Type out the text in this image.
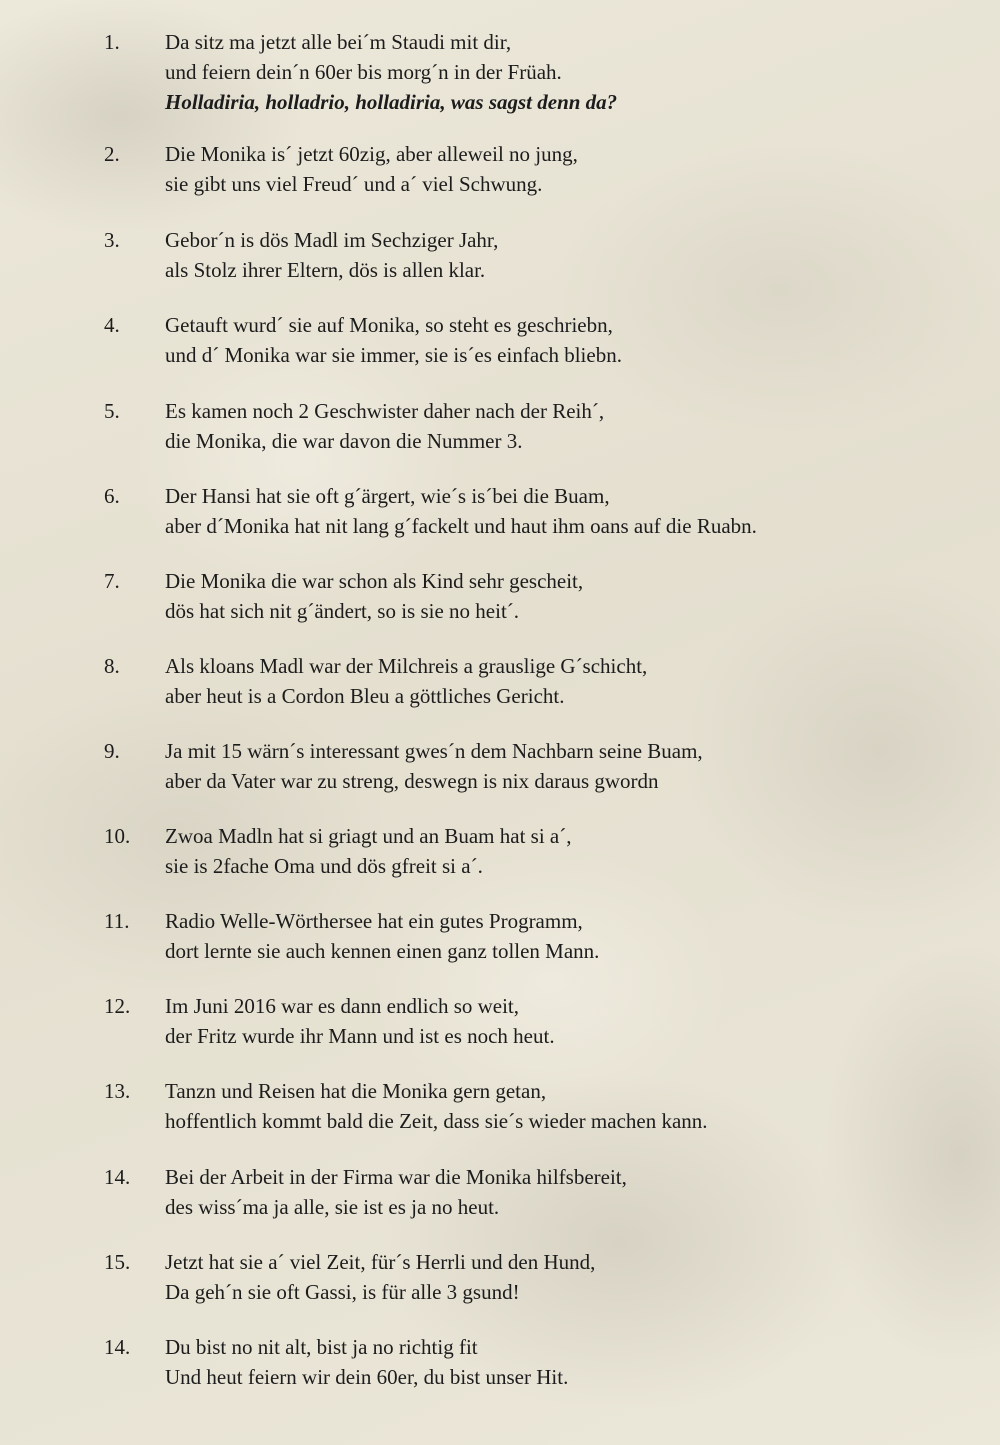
1. Da sitz ma jetzt alle bei´m Staudi mit dir,
und feiern dein´n 60er bis morg´n in der Früah.
Holladiria, holladrio, holladiria, was sagst denn da?
2. Die Monika is´ jetzt 60zig, aber alleweil no jung,
sie gibt uns viel Freud´ und a´ viel Schwung.
3. Gebor´n is dös Madl im Sechziger Jahr,
als Stolz ihrer Eltern, dös is allen klar.
4. Getauft wurd´ sie auf Monika, so steht es geschriebn,
und d´ Monika war sie immer, sie is´es einfach bliebn.
5. Es kamen noch 2 Geschwister daher nach der Reih´,
die Monika, die war davon die Nummer 3.
6. Der Hansi hat sie oft g´ärgert, wie´s is´bei die Buam,
aber d´Monika hat nit lang g´fackelt und haut ihm oans auf die Ruabn.
7. Die Monika die war schon als Kind sehr gescheit,
dös hat sich nit g´ändert, so is sie no heit´.
8. Als kloans Madl war der Milchreis a grauslige G´schicht,
aber heut is a Cordon Bleu a göttliches Gericht.
9. Ja mit 15 wärn´s interessant gwes´n dem Nachbarn seine Buam,
aber da Vater war zu streng, deswegn is nix daraus gwordn
10. Zwoa Madln hat si griagt und an Buam hat si a´,
sie is 2fache Oma und dös gfreit si a´.
11. Radio Welle-Wörthersee hat ein gutes Programm,
dort lernte sie auch kennen einen ganz tollen Mann.
12. Im Juni 2016 war es dann endlich so weit,
der Fritz wurde ihr Mann und ist es noch heut.
13. Tanzn und Reisen hat die Monika gern getan,
hoffentlich kommt bald die Zeit, dass sie´s wieder machen kann.
14. Bei der Arbeit in der Firma war die Monika hilfsbereit,
des wiss´ma ja alle, sie ist es ja no heut.
15. Jetzt hat sie a´ viel Zeit, für´s Herrli und den Hund,
Da geh´n sie oft Gassi, is für alle 3 gsund!
14. Du bist no nit alt, bist ja no richtig fit
Und heut feiern wir dein 60er, du bist unser Hit.
